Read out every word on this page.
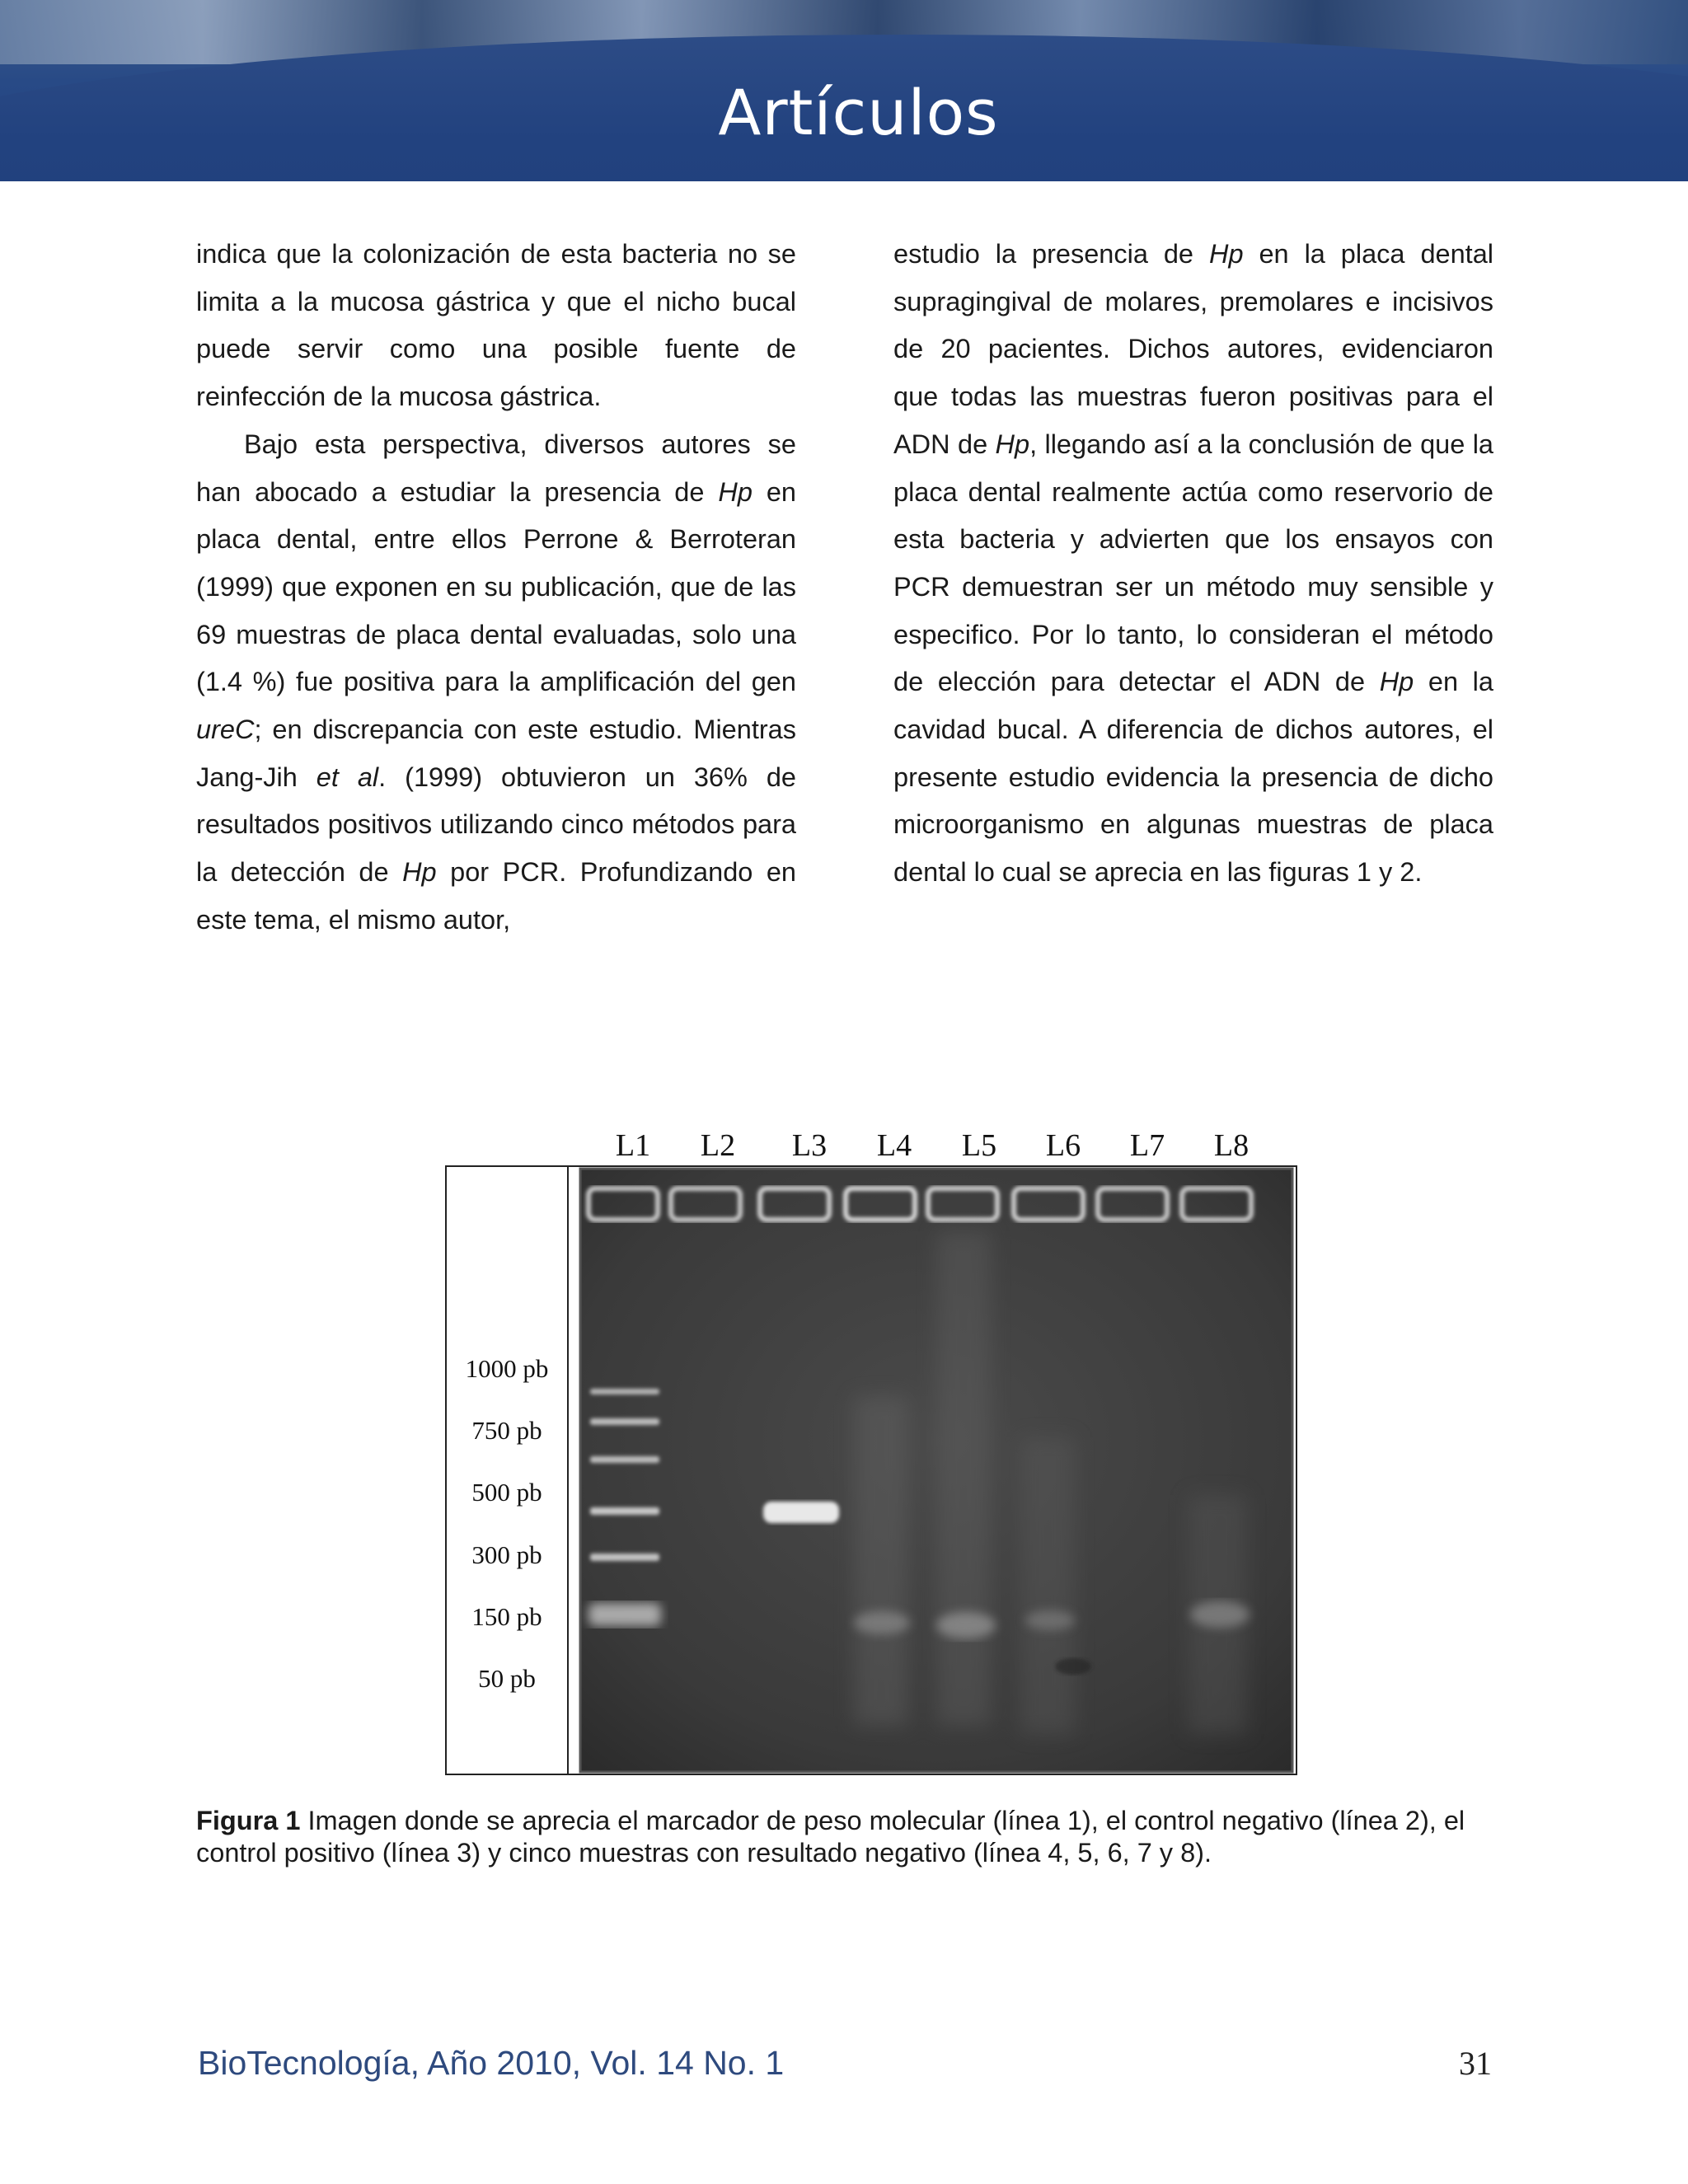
Artículos

indica que la colonización de esta bacteria no se limita a la mucosa gástrica y que el nicho bucal puede servir como una posible fuente de reinfección de la mucosa gástrica.

Bajo esta perspectiva, diversos autores se han abocado a estudiar la presencia de Hp en placa dental, entre ellos Perrone & Berroteran (1999) que exponen en su publicación, que de las 69 muestras de placa dental evaluadas, solo una (1.4 %) fue positiva para la amplificación del gen ureC; en discrepancia con este estudio. Mientras Jang-Jih et al. (1999) obtuvieron un 36% de resultados positivos utilizando cinco métodos para la detección de Hp por PCR. Profundizando en este tema, el mismo autor,

estudio la presencia de Hp en la placa dental supragingival de molares, premolares e incisivos de 20 pacientes. Dichos autores, evidenciaron que todas las muestras fueron positivas para el ADN de Hp, llegando así a la conclusión de que la placa dental realmente actúa como reservorio de esta bacteria y advierten que los ensayos con PCR demuestran ser un método muy sensible y especifico. Por lo tanto, lo consideran el método de elección para detectar el ADN de Hp en la cavidad bucal. A diferencia de dichos autores, el presente estudio evidencia la presencia de dicho microorganismo en algunas muestras de placa dental lo cual se aprecia en las figuras 1 y 2.

L1	L2	L3	L4	L5	L6	L7	L8
1000 pb
750 pb
500 pb
300 pb
150 pb
50 pb
Figura 1 Imagen donde se aprecia el marcador de peso molecular (línea 1), el control negativo (línea 2), el control positivo (línea 3) y cinco muestras con resultado negativo (línea 4, 5, 6, 7 y 8).
BioTecnología, Año 2010, Vol. 14 No. 1	31
